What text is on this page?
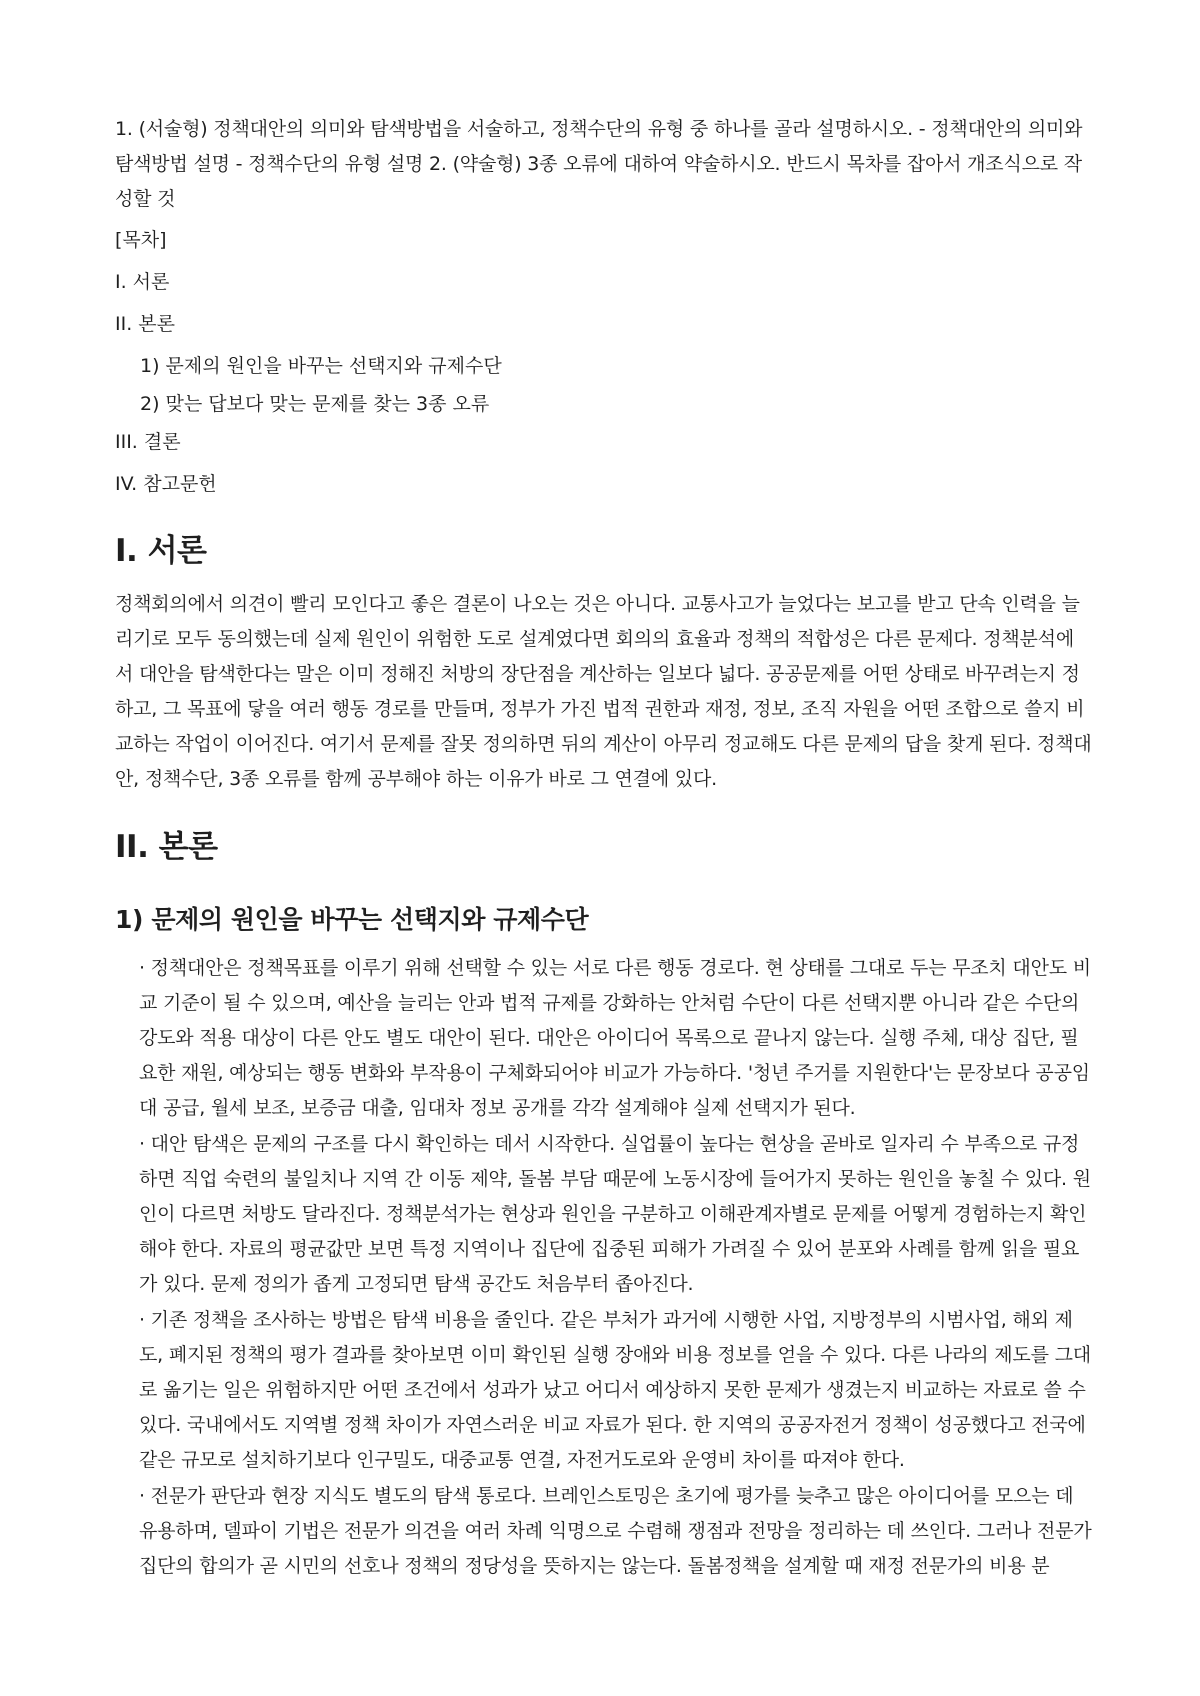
1. (서술형) 정책대안의 의미와 탐색방법을 서술하고, 정책수단의 유형 중 하나를 골라 설명하시오. - 정책대안의 의미와 탐색방법 설명 - 정책수단의 유형 설명 2. (약술형) 3종 오류에 대하여 약술하시오. 반드시 목차를 잡아서 개조식으로 작성할 것

[목차]

I. 서론

II. 본론

1) 문제의 원인을 바꾸는 선택지와 규제수단

2) 맞는 답보다 맞는 문제를 찾는 3종 오류

III. 결론

IV. 참고문헌

I. 서론

정책회의에서 의견이 빨리 모인다고 좋은 결론이 나오는 것은 아니다. 교통사고가 늘었다는 보고를 받고 단속 인력을 늘리기로 모두 동의했는데 실제 원인이 위험한 도로 설계였다면 회의의 효율과 정책의 적합성은 다른 문제다. 정책분석에서 대안을 탐색한다는 말은 이미 정해진 처방의 장단점을 계산하는 일보다 넓다. 공공문제를 어떤 상태로 바꾸려는지 정하고, 그 목표에 닿을 여러 행동 경로를 만들며, 정부가 가진 법적 권한과 재정, 정보, 조직 자원을 어떤 조합으로 쓸지 비교하는 작업이 이어진다. 여기서 문제를 잘못 정의하면 뒤의 계산이 아무리 정교해도 다른 문제의 답을 찾게 된다. 정책대안, 정책수단, 3종 오류를 함께 공부해야 하는 이유가 바로 그 연결에 있다.

II. 본론
1) 문제의 원인을 바꾸는 선택지와 규제수단

· 정책대안은 정책목표를 이루기 위해 선택할 수 있는 서로 다른 행동 경로다. 현 상태를 그대로 두는 무조치 대안도 비교 기준이 될 수 있으며, 예산을 늘리는 안과 법적 규제를 강화하는 안처럼 수단이 다른 선택지뿐 아니라 같은 수단의 강도와 적용 대상이 다른 안도 별도 대안이 된다. 대안은 아이디어 목록으로 끝나지 않는다. 실행 주체, 대상 집단, 필요한 재원, 예상되는 행동 변화와 부작용이 구체화되어야 비교가 가능하다. '청년 주거를 지원한다'는 문장보다 공공임대 공급, 월세 보조, 보증금 대출, 임대차 정보 공개를 각각 설계해야 실제 선택지가 된다.

· 대안 탐색은 문제의 구조를 다시 확인하는 데서 시작한다. 실업률이 높다는 현상을 곧바로 일자리 수 부족으로 규정하면 직업 숙련의 불일치나 지역 간 이동 제약, 돌봄 부담 때문에 노동시장에 들어가지 못하는 원인을 놓칠 수 있다. 원인이 다르면 처방도 달라진다. 정책분석가는 현상과 원인을 구분하고 이해관계자별로 문제를 어떻게 경험하는지 확인해야 한다. 자료의 평균값만 보면 특정 지역이나 집단에 집중된 피해가 가려질 수 있어 분포와 사례를 함께 읽을 필요가 있다. 문제 정의가 좁게 고정되면 탐색 공간도 처음부터 좁아진다.

· 기존 정책을 조사하는 방법은 탐색 비용을 줄인다. 같은 부처가 과거에 시행한 사업, 지방정부의 시범사업, 해외 제도, 폐지된 정책의 평가 결과를 찾아보면 이미 확인된 실행 장애와 비용 정보를 얻을 수 있다. 다른 나라의 제도를 그대로 옮기는 일은 위험하지만 어떤 조건에서 성과가 났고 어디서 예상하지 못한 문제가 생겼는지 비교하는 자료로 쓸 수 있다. 국내에서도 지역별 정책 차이가 자연스러운 비교 자료가 된다. 한 지역의 공공자전거 정책이 성공했다고 전국에 같은 규모로 설치하기보다 인구밀도, 대중교통 연결, 자전거도로와 운영비 차이를 따져야 한다.

· 전문가 판단과 현장 지식도 별도의 탐색 통로다. 브레인스토밍은 초기에 평가를 늦추고 많은 아이디어를 모으는 데 유용하며, 델파이 기법은 전문가 의견을 여러 차례 익명으로 수렴해 쟁점과 전망을 정리하는 데 쓰인다. 그러나 전문가 집단의 합의가 곧 시민의 선호나 정책의 정당성을 뜻하지는 않는다. 돌봄정책을 설계할 때 재정 전문가의 비용 분
